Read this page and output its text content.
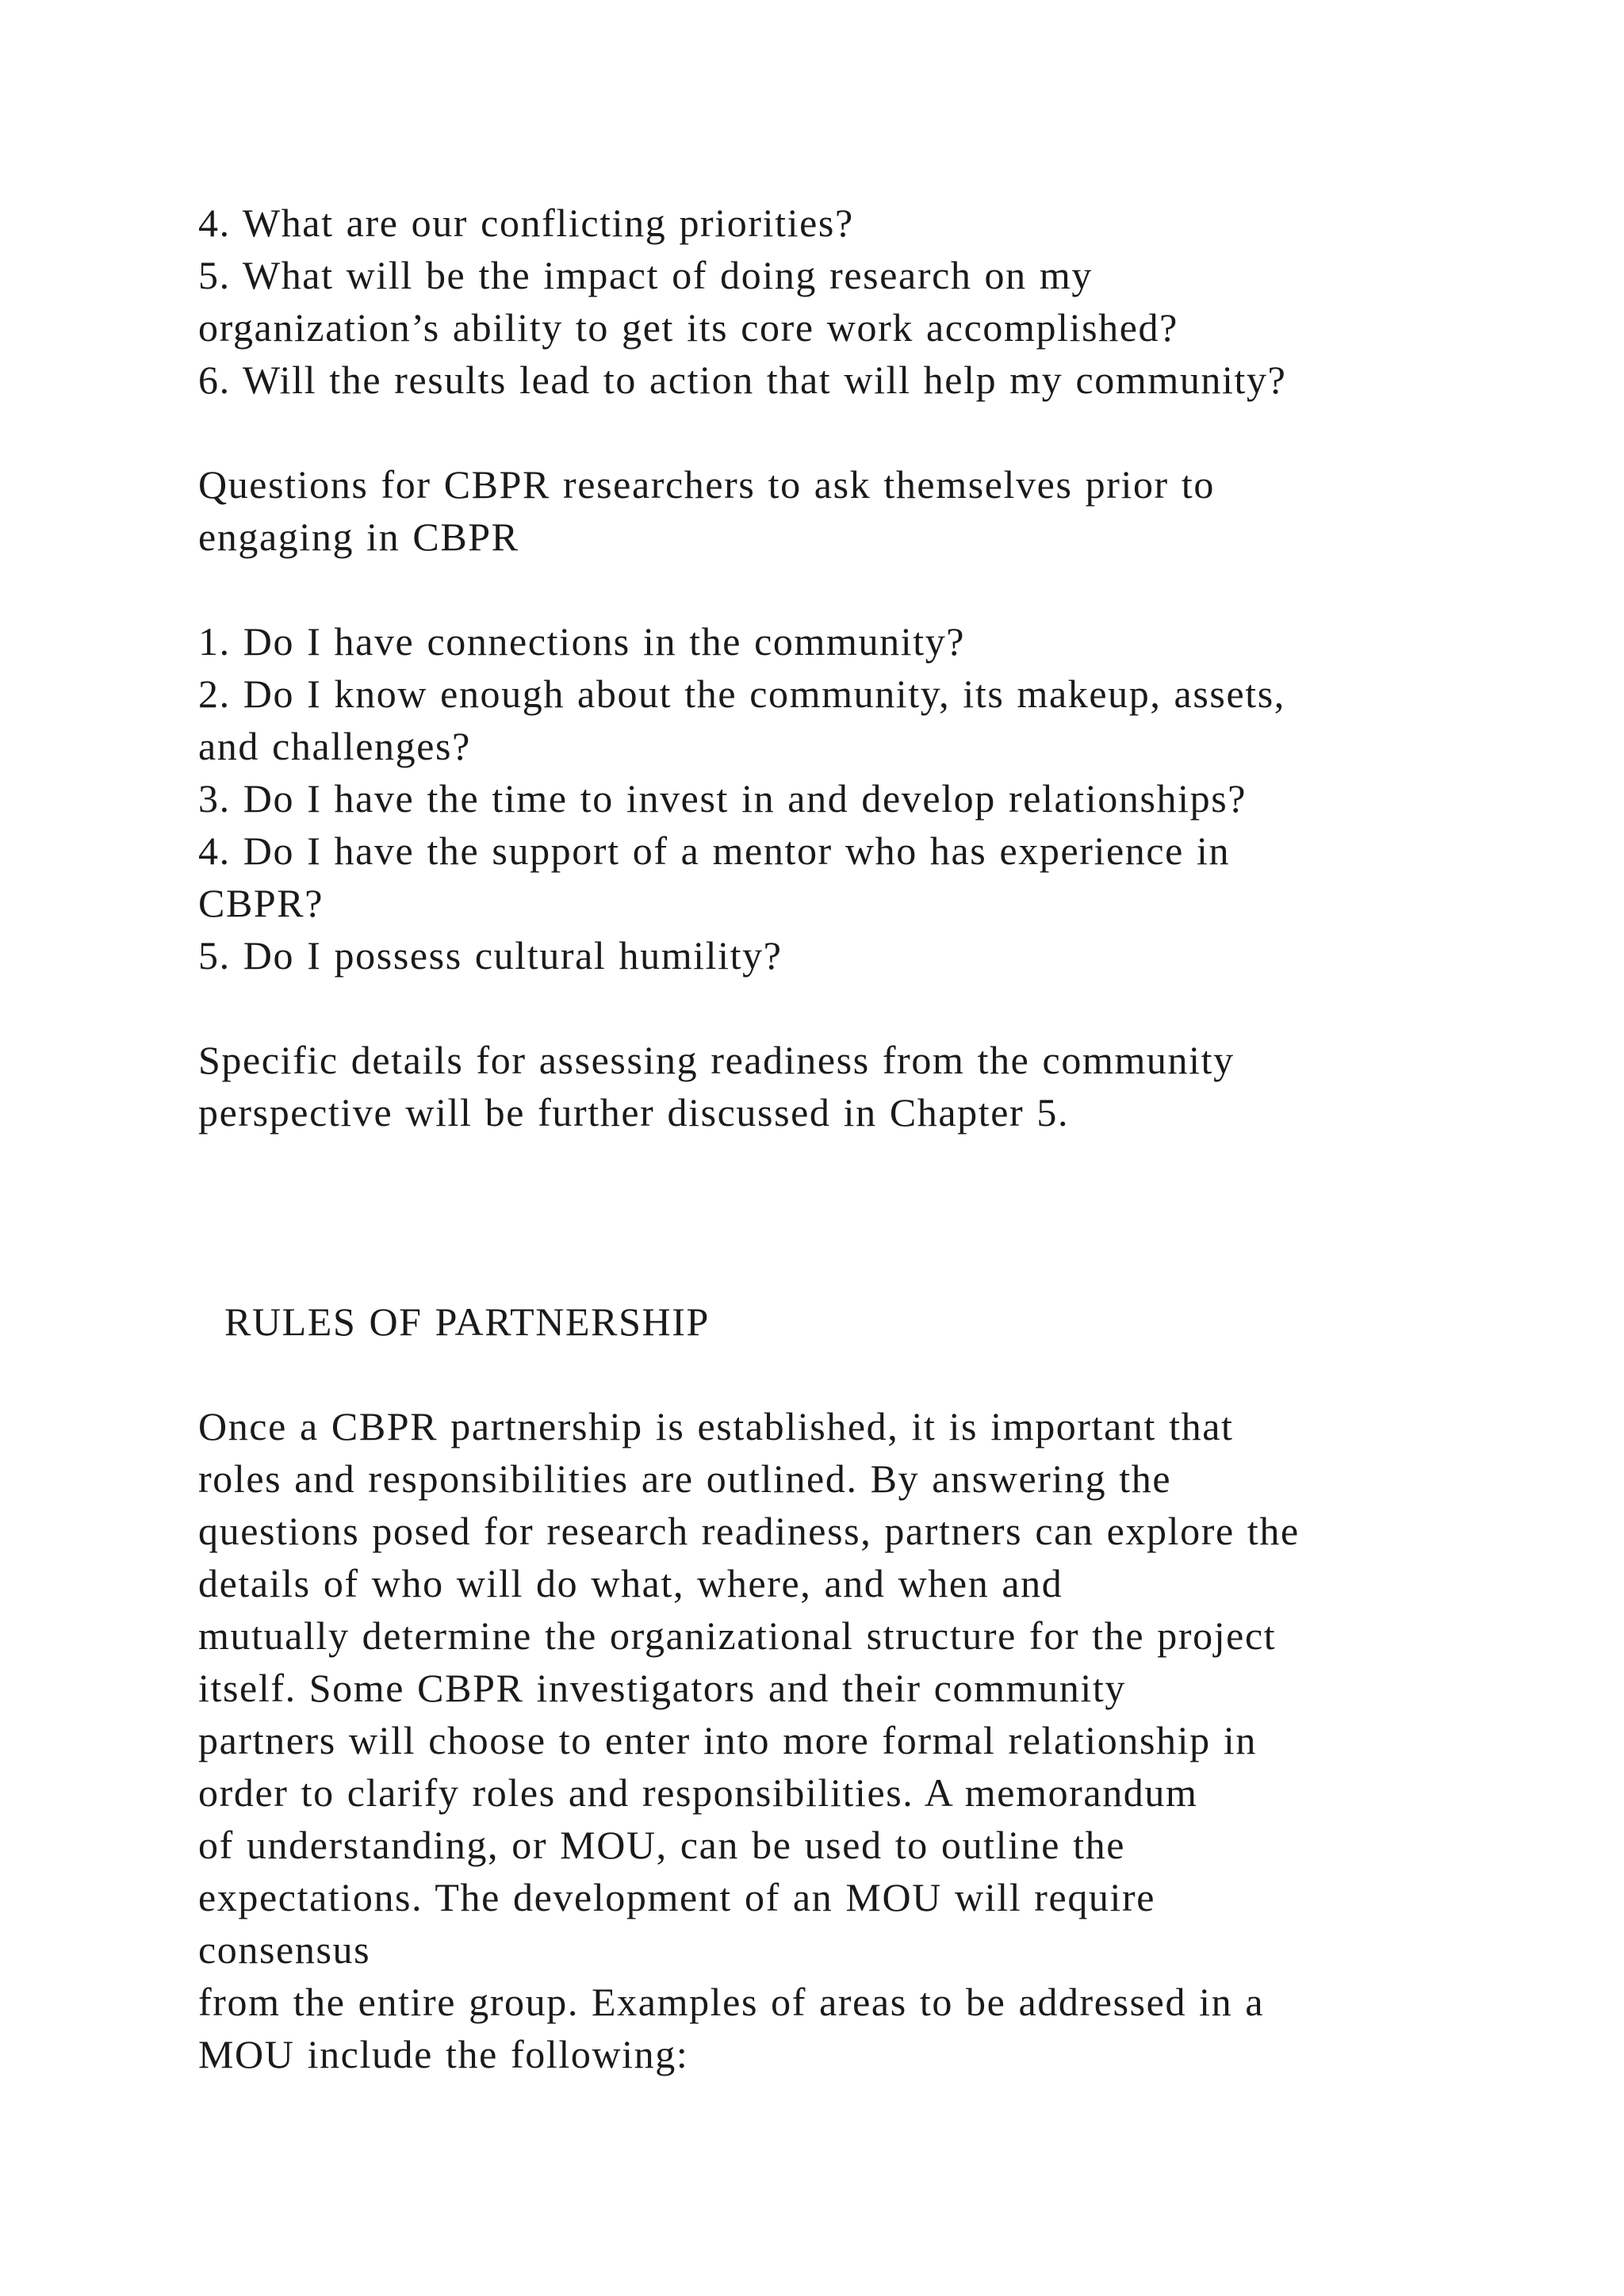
4. What are our conflicting priorities?
5. What will be the impact of doing research on my
organization’s ability to get its core work accomplished?
6. Will the results lead to action that will help my community?
Questions for CBPR researchers to ask themselves prior to
engaging in CBPR
1. Do I have connections in the community?
2. Do I know enough about the community, its makeup, assets,
and challenges?
3. Do I have the time to invest in and develop relationships?
4. Do I have the support of a mentor who has experience in
CBPR?
5. Do I possess cultural humility?
Specific details for assessing readiness from the community
perspective will be further discussed in Chapter 5.
RULES OF PARTNERSHIP
Once a CBPR partnership is established, it is important that
roles and responsibilities are outlined. By answering the
questions posed for research readiness, partners can explore the
details of who will do what, where, and when and
mutually determine the organizational structure for the project
itself. Some CBPR investigators and their community
partners will choose to enter into more formal relationship in
order to clarify roles and responsibilities. A memorandum
of understanding, or MOU, can be used to outline the
expectations. The development of an MOU will require
consensus
from the entire group. Examples of areas to be addressed in a
MOU include the following:
